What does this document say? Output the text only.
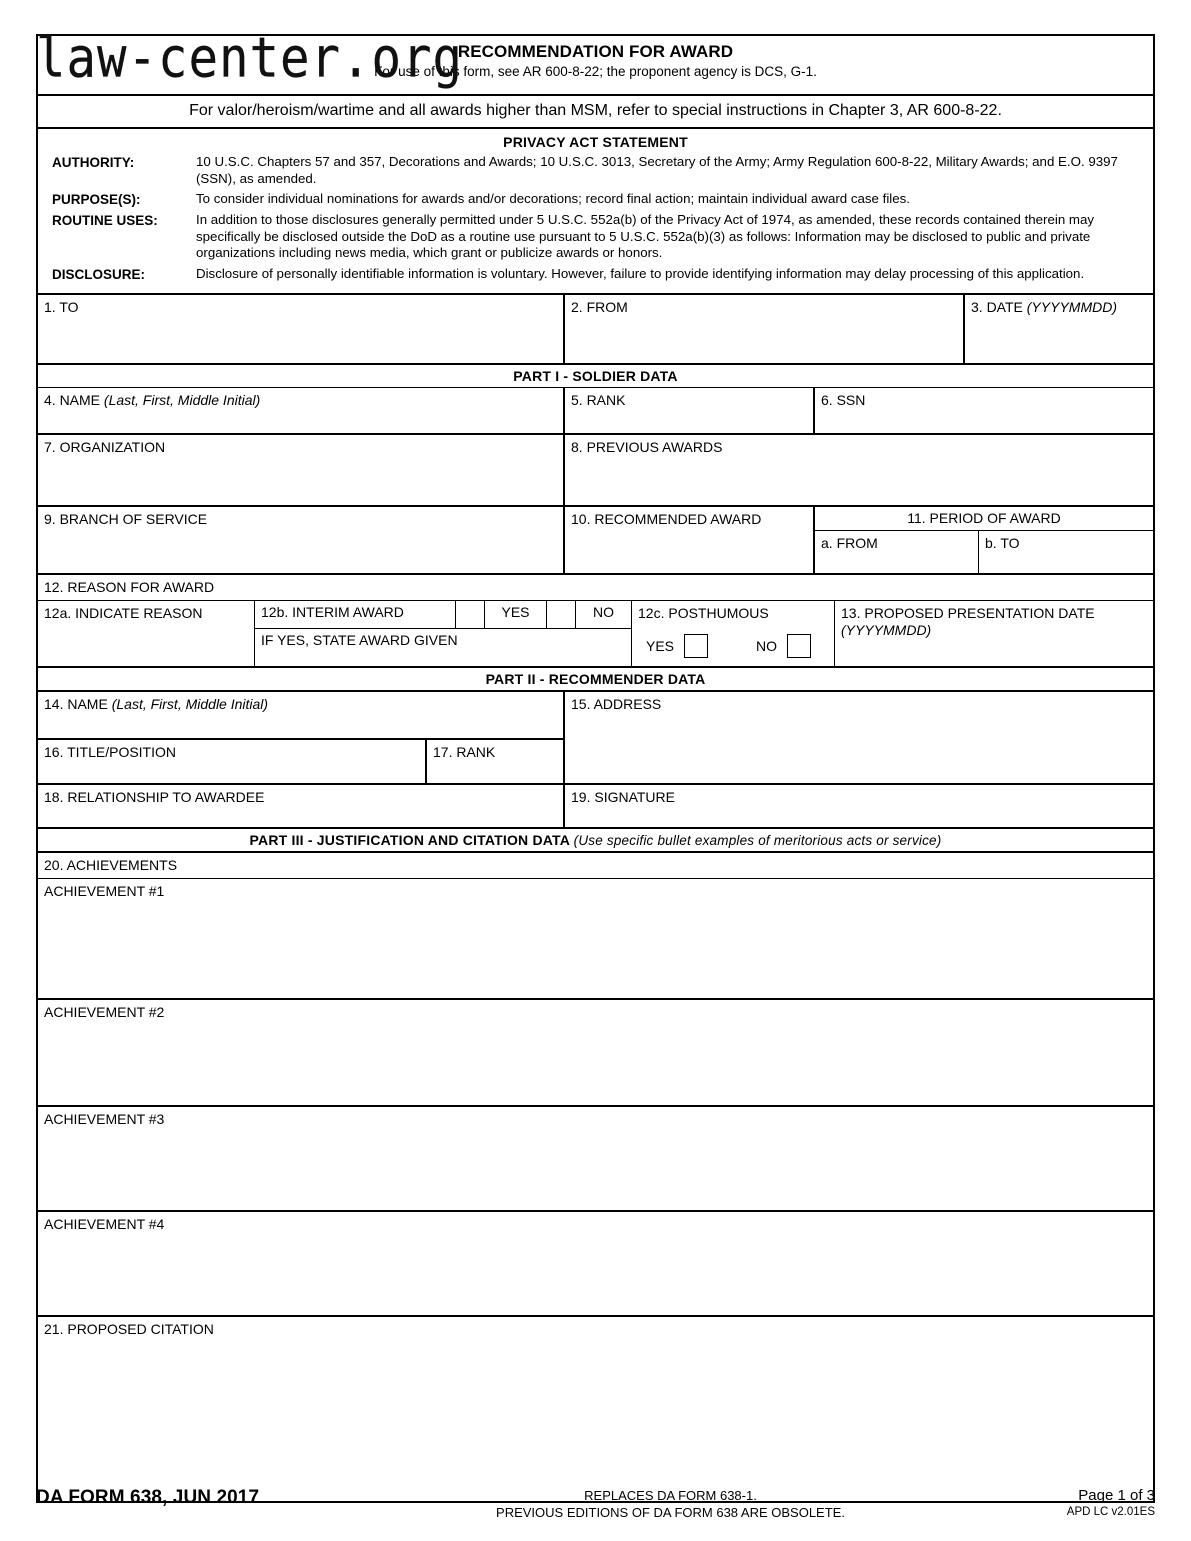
law-center.org
RECOMMENDATION FOR AWARD
For use of this form, see AR 600-8-22; the proponent agency is DCS, G-1.
For valor/heroism/wartime and all awards higher than MSM, refer to special instructions in Chapter 3, AR 600-8-22.
PRIVACY ACT STATEMENT
AUTHORITY:	10 U.S.C. Chapters 57 and 357, Decorations and Awards; 10 U.S.C. 3013, Secretary of the Army; Army Regulation 600-8-22, Military Awards; and E.O. 9397 (SSN), as amended.
PURPOSE(S):	To consider individual nominations for awards and/or decorations; record final action; maintain individual award case files.
ROUTINE USES:	In addition to those disclosures generally permitted under 5 U.S.C. 552a(b) of the Privacy Act of 1974, as amended, these records contained therein may specifically be disclosed outside the DoD as a routine use pursuant to 5 U.S.C. 552a(b)(3) as follows: Information may be disclosed to public and private organizations including news media, which grant or publicize awards or honors.
DISCLOSURE:	Disclosure of personally identifiable information is voluntary. However, failure to provide identifying information may delay processing of this application.
1. TO	2. FROM	3. DATE (YYYYMMDD)
PART I - SOLDIER DATA
4. NAME (Last, First, Middle Initial)	5. RANK	6. SSN
7. ORGANIZATION	8. PREVIOUS AWARDS
9. BRANCH OF SERVICE	10. RECOMMENDED AWARD	11. PERIOD OF AWARD
a. FROM	b. TO
12. REASON FOR AWARD
12a. INDICATE REASON	12b. INTERIM AWARD	YES	NO
IF YES, STATE AWARD GIVEN
12c. POSTHUMOUS
YES	NO
13. PROPOSED PRESENTATION DATE
(YYYYMMDD)
PART II - RECOMMENDER DATA
14. NAME (Last, First, Middle Initial)
16. TITLE/POSITION	17. RANK
15. ADDRESS
18. RELATIONSHIP TO AWARDEE	19. SIGNATURE
PART III - JUSTIFICATION AND CITATION DATA (Use specific bullet examples of meritorious acts or service)
20. ACHIEVEMENTS
ACHIEVEMENT #1
ACHIEVEMENT #2
ACHIEVEMENT #3
ACHIEVEMENT #4
21. PROPOSED CITATION
DA FORM 638, JUN 2017	REPLACES DA FORM 638-1.
PREVIOUS EDITIONS OF DA FORM 638 ARE OBSOLETE.
Page 1 of 3
APD LC v2.01ES
